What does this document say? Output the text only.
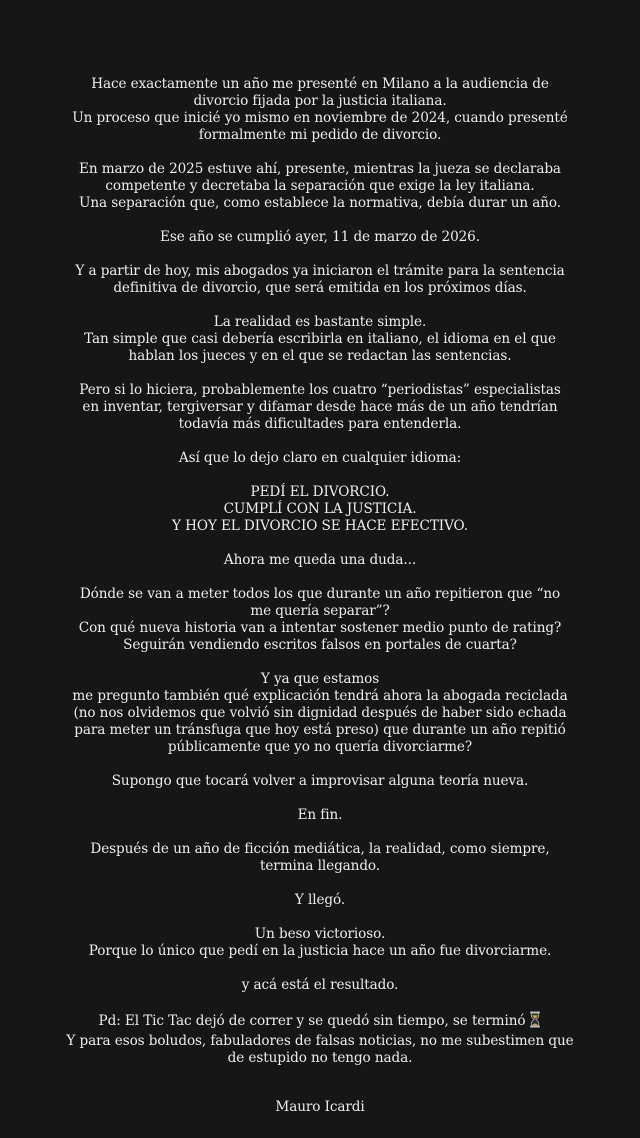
Hace exactamente un año me presenté en Milano a la audiencia de divorcio fijada por la justicia italiana.
Un proceso que inicié yo mismo en noviembre de 2024, cuando presenté formalmente mi pedido de divorcio.
En marzo de 2025 estuve ahí, presente, mientras la jueza se declaraba competente y decretaba la separación que exige la ley italiana.
Una separación que, como establece la normativa, debía durar un año.
Ese año se cumplió ayer, 11 de marzo de 2026.
Y a partir de hoy, mis abogados ya iniciaron el trámite para la sentencia definitiva de divorcio, que será emitida en los próximos días.
La realidad es bastante simple.
Tan simple que casi debería escribirla en italiano, el idioma en el que hablan los jueces y en el que se redactan las sentencias.
Pero si lo hiciera, probablemente los cuatro “periodistas” especialistas en inventar, tergiversar y difamar desde hace más de un año tendrían todavía más dificultades para entenderla.
Así que lo dejo claro en cualquier idioma:
PEDÍ EL DIVORCIO.
CUMPLÍ CON LA JUSTICIA.
Y HOY EL DIVORCIO SE HACE EFECTIVO.
Ahora me queda una duda...
Dónde se van a meter todos los que durante un año repitieron que “no me quería separar”?
Con qué nueva historia van a intentar sostener medio punto de rating?
Seguirán vendiendo escritos falsos en portales de cuarta?
Y ya que estamos
me pregunto también qué explicación tendrá ahora la abogada reciclada (no nos olvidemos que volvió sin dignidad después de haber sido echada para meter un tránsfuga que hoy está preso) que durante un año repitió públicamente que yo no quería divorciarme?
Supongo que tocará volver a improvisar alguna teoría nueva.
En fin.
Después de un año de ficción mediática, la realidad, como siempre, termina llegando.
Y llegó.
Un beso victorioso.
Porque lo único que pedí en la justicia hace un año fue divorciarme.
y acá está el resultado.
Pd: El Tic Tac dejó de correr y se quedó sin tiempo, se terminó
Y para esos boludos, fabuladores de falsas noticias, no me subestimen que de estupido no tengo nada.
Mauro Icardi
